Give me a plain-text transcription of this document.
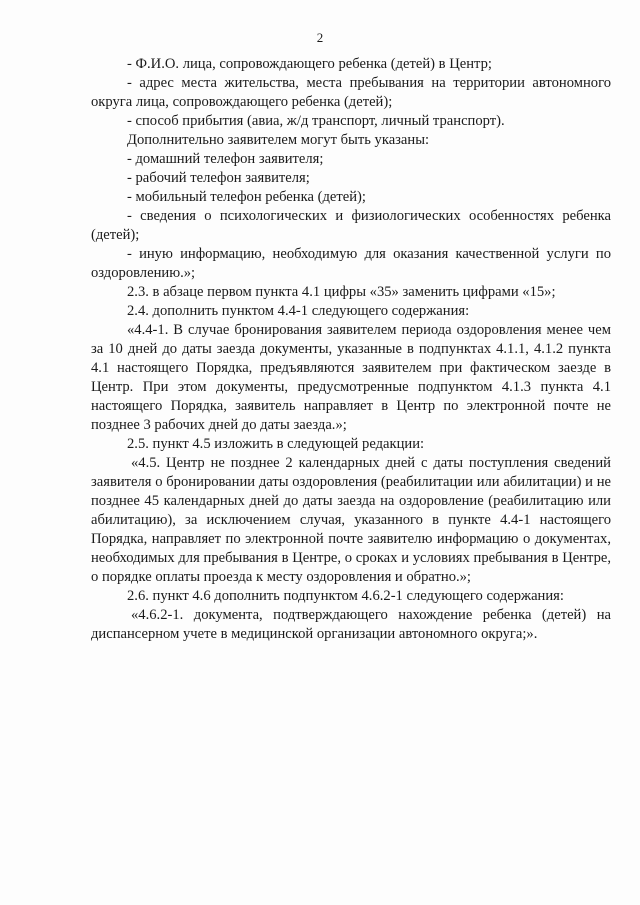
2

- Ф.И.О. лица, сопровождающего ребенка (детей) в Центр;

- адрес места жительства, места пребывания на территории автономного округа лица, сопровождающего ребенка (детей);

- способ прибытия (авиа, ж/д транспорт, личный транспорт).

Дополнительно заявителем могут быть указаны:

- домашний телефон заявителя;

- рабочий телефон заявителя;

- мобильный телефон ребенка (детей);

- сведения о психологических и физиологических особенностях ребенка (детей);

- иную информацию, необходимую для оказания качественной услуги по оздоровлению.»;

2.3. в абзаце первом пункта 4.1 цифры «35» заменить цифрами «15»;

2.4. дополнить пунктом 4.4-1 следующего содержания:

«4.4-1. В случае бронирования заявителем периода оздоровления менее чем за 10 дней до даты заезда документы, указанные в подпунктах 4.1.1, 4.1.2 пункта 4.1 настоящего Порядка, предъявляются заявителем при фактическом заезде в Центр. При этом документы, предусмотренные подпунктом 4.1.3 пункта 4.1 настоящего Порядка, заявитель направляет в Центр по электронной почте не позднее 3 рабочих дней до даты заезда.»;

2.5. пункт 4.5 изложить в следующей редакции:

«4.5. Центр не позднее 2 календарных дней с даты поступления сведений заявителя о бронировании даты оздоровления (реабилитации или абилитации) и не позднее 45 календарных дней до даты заезда на оздоровление (реабилитацию или абилитацию), за исключением случая, указанного в пункте 4.4-1 настоящего Порядка, направляет по электронной почте заявителю информацию о документах, необходимых для пребывания в Центре, о сроках и условиях пребывания в Центре, о порядке оплаты проезда к месту оздоровления и обратно.»;

2.6. пункт 4.6 дополнить подпунктом 4.6.2-1 следующего содержания:

«4.6.2-1. документа, подтверждающего нахождение ребенка (детей) на диспансерном учете в медицинской организации автономного округа;».
